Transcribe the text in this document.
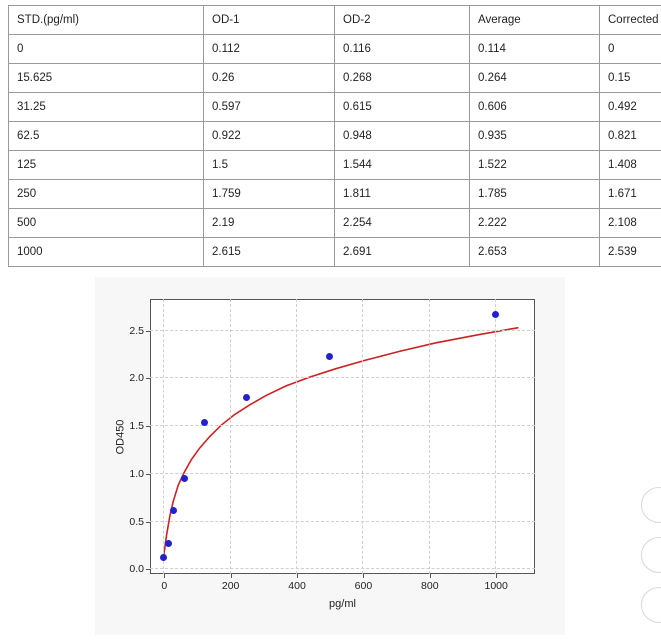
STD.(pg/ml)	OD-1	OD-2	Average	Corrected
0	0.112	0.116	0.114	0
15.625	0.26	0.268	0.264	0.15
31.25	0.597	0.615	0.606	0.492
62.5	0.922	0.948	0.935	0.821
125	1.5	1.544	1.522	1.408
250	1.759	1.811	1.785	1.671
500	2.19	2.254	2.222	2.108
1000	2.615	2.691	2.653	2.539
OD450
pg/ml
0.0
0.5
1.0
1.5
2.0
2.5
0	200	400	600	800	1000
